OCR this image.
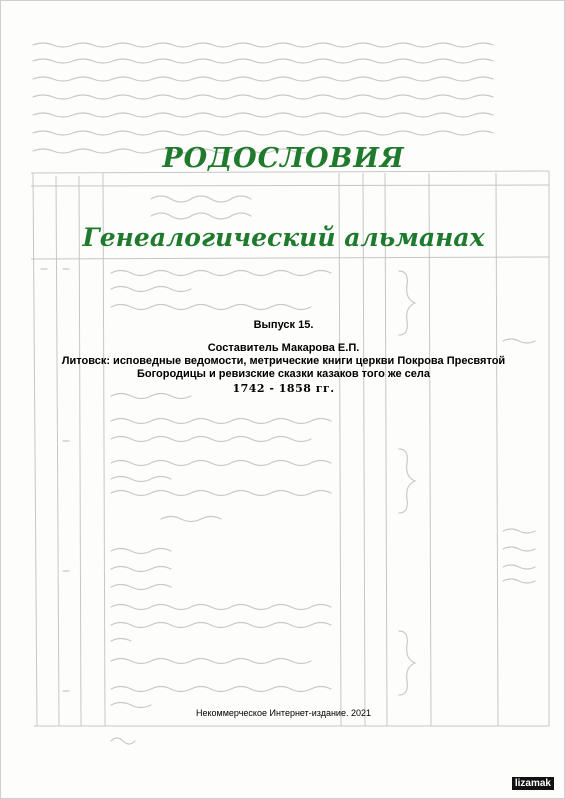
РОДОСЛОВИЯ
Генеалогический альманах
Выпуск 15.
Составитель Макарова Е.П.
Литовск: исповедные ведомости, метрические книги церкви Покрова Пресвятой Богородицы и ревизские сказки казаков того же села
1742 - 1858 гг.
Некоммерческое Интернет-издание. 2021
lizamak
